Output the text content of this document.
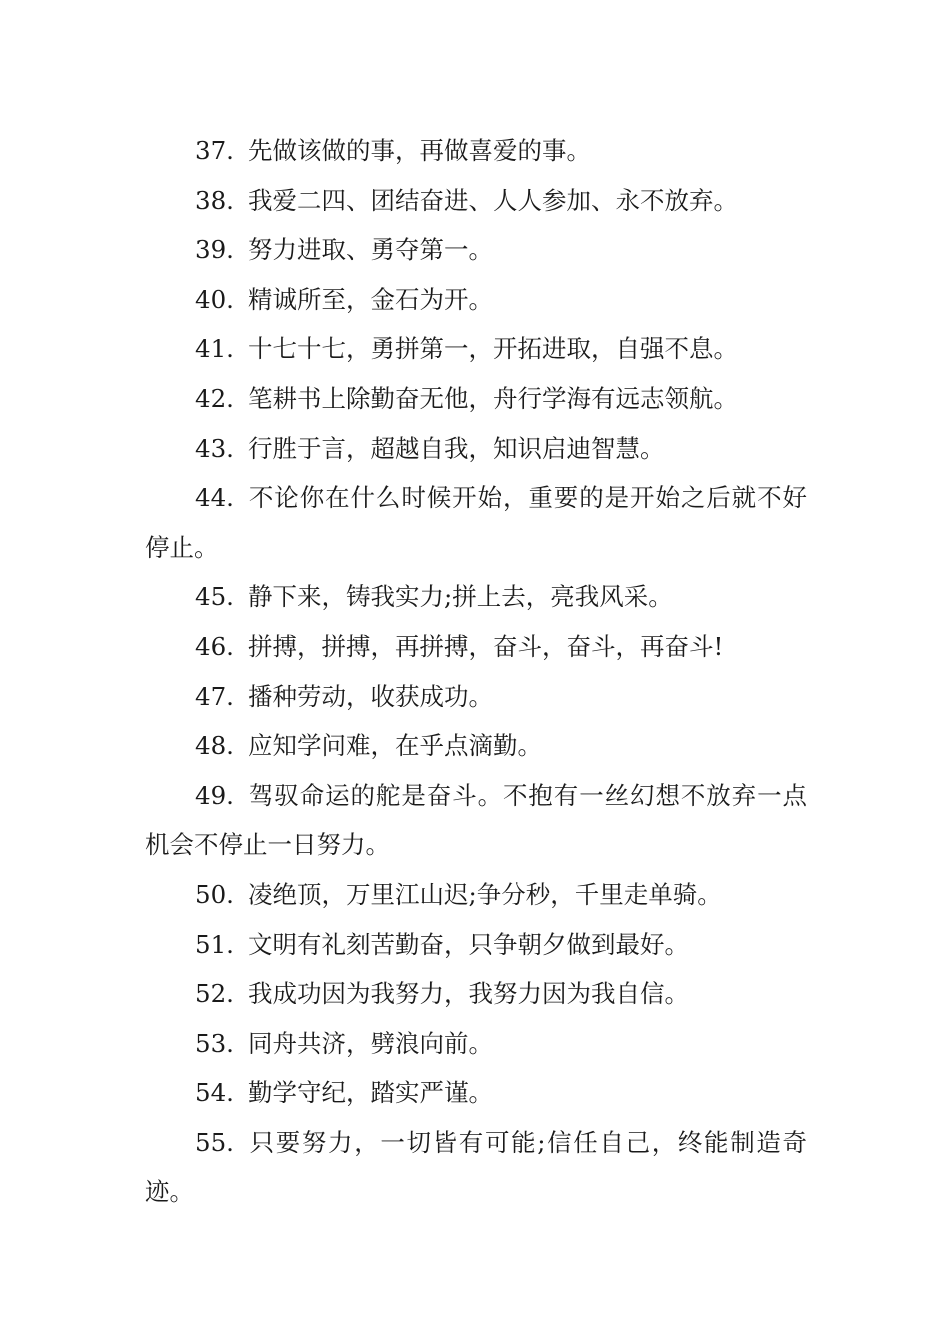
37. 先做该做的事，再做喜爱的事。

38. 我爱二四、团结奋进、人人参加、永不放弃。

39. 努力进取、勇夺第一。

40. 精诚所至，金石为开。

41. 十七十七，勇拼第一，开拓进取，自强不息。

42. 笔耕书上除勤奋无他，舟行学海有远志领航。

43. 行胜于言，超越自我，知识启迪智慧。

44. 不论你在什么时候开始，重要的是开始之后就不好停止。

45. 静下来，铸我实力;拼上去，亮我风采。

46. 拼搏，拼搏，再拼搏，奋斗，奋斗，再奋斗!

47. 播种劳动，收获成功。

48. 应知学问难，在乎点滴勤。

49. 驾驭命运的舵是奋斗。不抱有一丝幻想不放弃一点机会不停止一日努力。

50. 凌绝顶，万里江山迟;争分秒，千里走单骑。

51. 文明有礼刻苦勤奋，只争朝夕做到最好。

52. 我成功因为我努力，我努力因为我自信。

53. 同舟共济，劈浪向前。

54. 勤学守纪，踏实严谨。

55. 只要努力，一切皆有可能;信任自己，终能制造奇迹。
